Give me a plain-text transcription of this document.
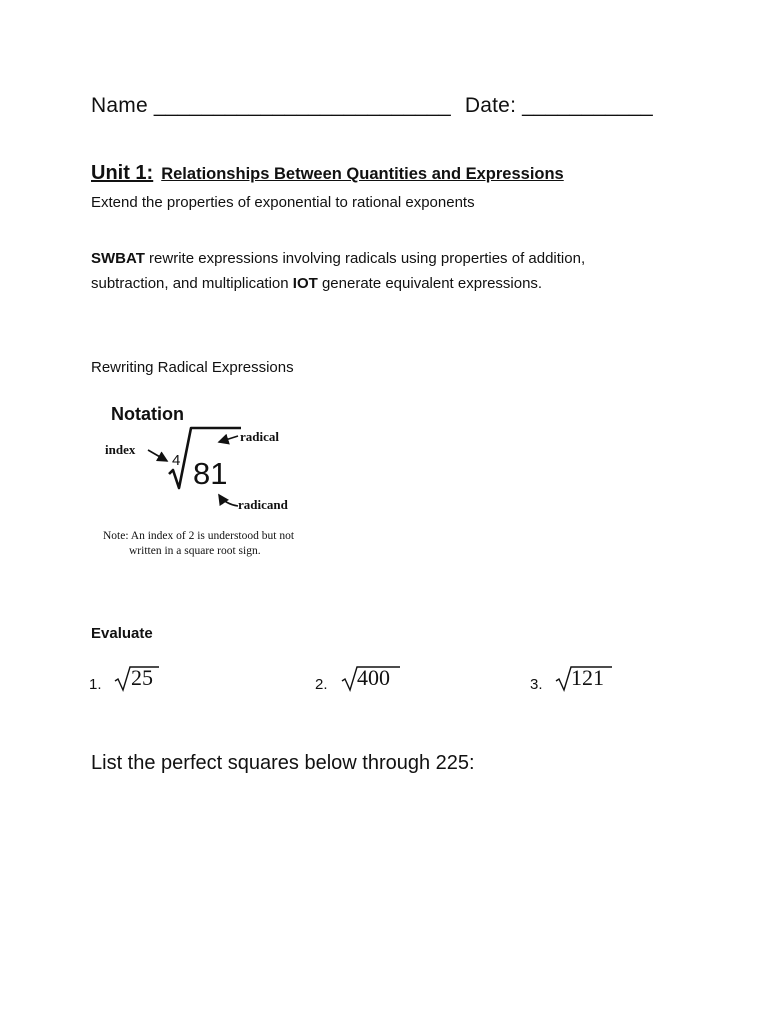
Name _________________________ Date: ___________
Unit 1: Relationships Between Quantities and Expressions
Extend the properties of exponential to rational exponents
SWBAT rewrite expressions involving radicals using properties of addition, subtraction, and multiplication IOT generate equivalent expressions.
Rewriting Radical Expressions
Notation
index
radical
radicand
4 81
Note: An index of 2 is understood but not
written in a square root sign.
Evaluate
1. 25	2. 400	3. 121
List the perfect squares below through 225:
